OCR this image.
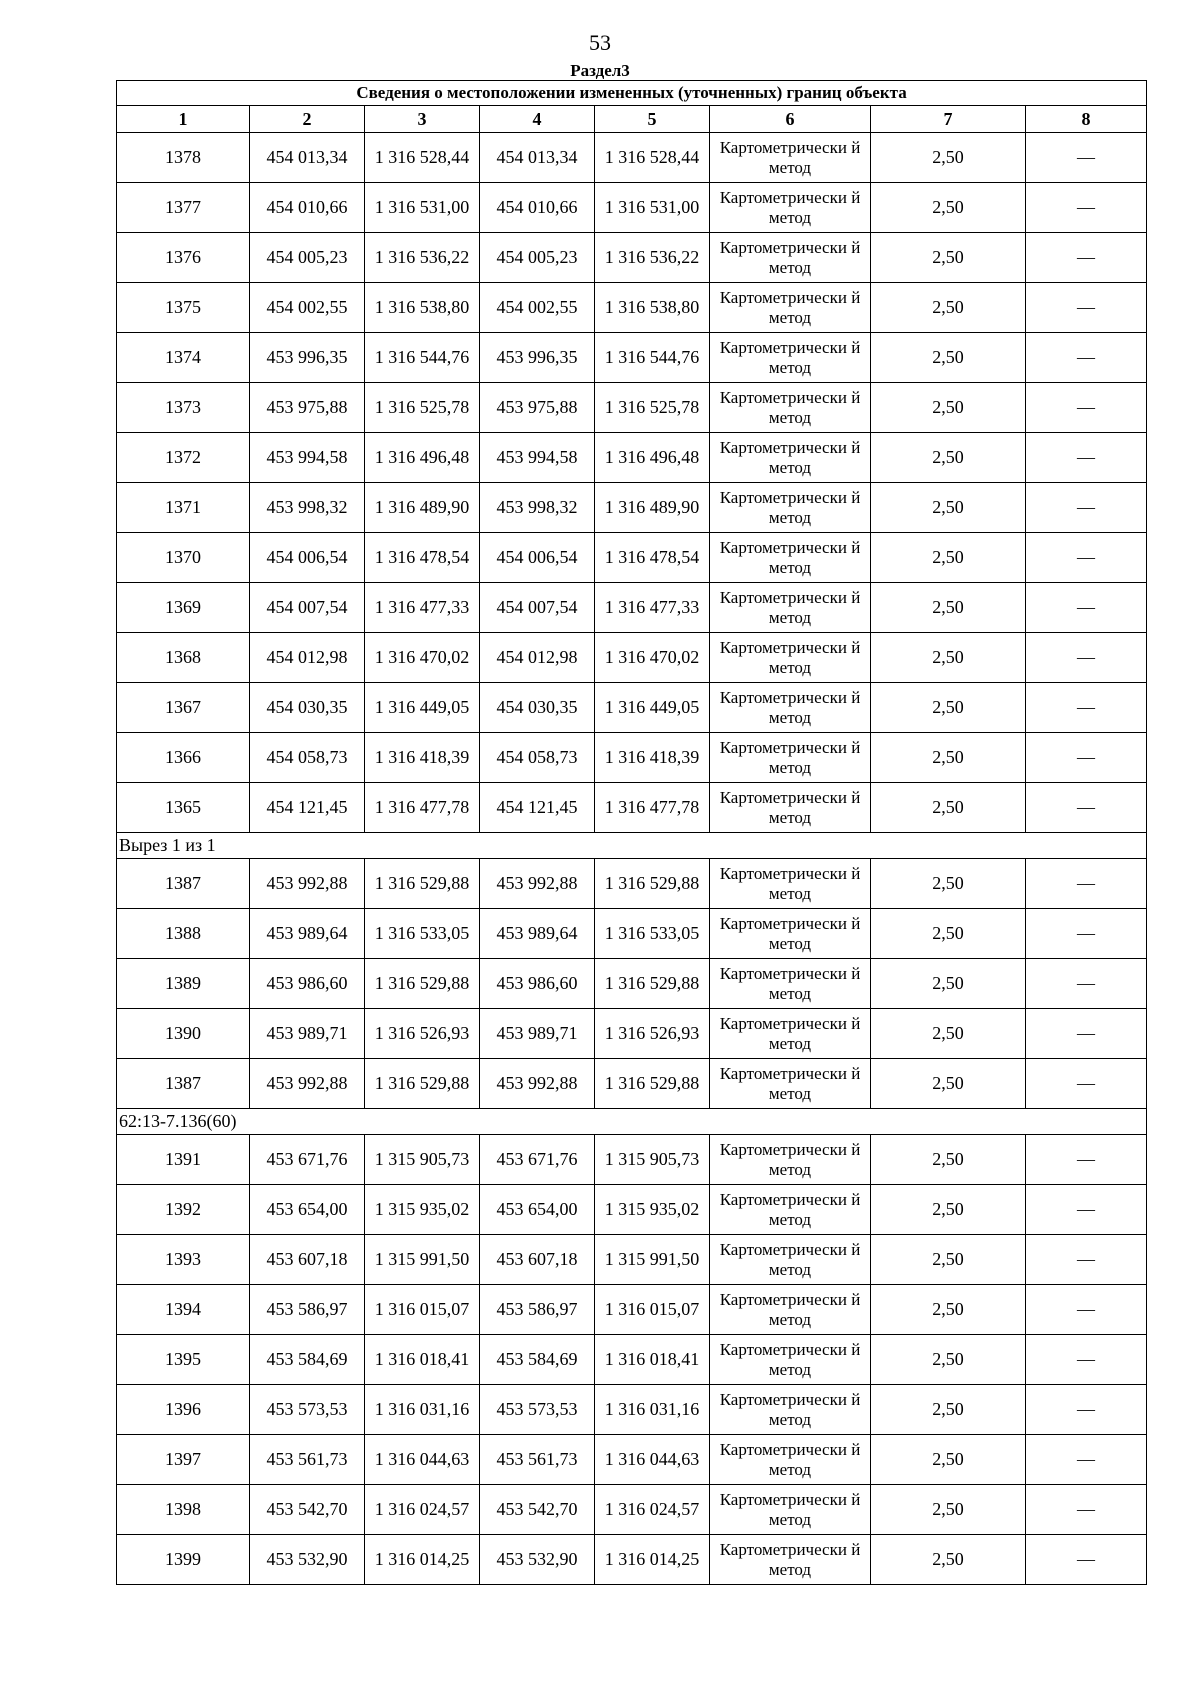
53
Раздел3
Сведения о местоположении измененных (уточненных) границ объекта							
1	2	3	4	5	6	7	8
1378	454 013,34	1 316 528,44	454 013,34	1 316 528,44	Картометрически й метод	2,50	—
1377	454 010,66	1 316 531,00	454 010,66	1 316 531,00	Картометрически й метод	2,50	—
1376	454 005,23	1 316 536,22	454 005,23	1 316 536,22	Картометрически й метод	2,50	—
1375	454 002,55	1 316 538,80	454 002,55	1 316 538,80	Картометрически й метод	2,50	—
1374	453 996,35	1 316 544,76	453 996,35	1 316 544,76	Картометрически й метод	2,50	—
1373	453 975,88	1 316 525,78	453 975,88	1 316 525,78	Картометрически й метод	2,50	—
1372	453 994,58	1 316 496,48	453 994,58	1 316 496,48	Картометрически й метод	2,50	—
1371	453 998,32	1 316 489,90	453 998,32	1 316 489,90	Картометрически й метод	2,50	—
1370	454 006,54	1 316 478,54	454 006,54	1 316 478,54	Картометрически й метод	2,50	—
1369	454 007,54	1 316 477,33	454 007,54	1 316 477,33	Картометрически й метод	2,50	—
1368	454 012,98	1 316 470,02	454 012,98	1 316 470,02	Картометрически й метод	2,50	—
1367	454 030,35	1 316 449,05	454 030,35	1 316 449,05	Картометрически й метод	2,50	—
1366	454 058,73	1 316 418,39	454 058,73	1 316 418,39	Картометрически й метод	2,50	—
1365	454 121,45	1 316 477,78	454 121,45	1 316 477,78	Картометрически й метод	2,50	—
Вырез 1 из 1							
1387	453 992,88	1 316 529,88	453 992,88	1 316 529,88	Картометрически й метод	2,50	—
1388	453 989,64	1 316 533,05	453 989,64	1 316 533,05	Картометрически й метод	2,50	—
1389	453 986,60	1 316 529,88	453 986,60	1 316 529,88	Картометрически й метод	2,50	—
1390	453 989,71	1 316 526,93	453 989,71	1 316 526,93	Картометрически й метод	2,50	—
1387	453 992,88	1 316 529,88	453 992,88	1 316 529,88	Картометрически й метод	2,50	—
62:13-7.136(60)							
1391	453 671,76	1 315 905,73	453 671,76	1 315 905,73	Картометрически й метод	2,50	—
1392	453 654,00	1 315 935,02	453 654,00	1 315 935,02	Картометрически й метод	2,50	—
1393	453 607,18	1 315 991,50	453 607,18	1 315 991,50	Картометрически й метод	2,50	—
1394	453 586,97	1 316 015,07	453 586,97	1 316 015,07	Картометрически й метод	2,50	—
1395	453 584,69	1 316 018,41	453 584,69	1 316 018,41	Картометрически й метод	2,50	—
1396	453 573,53	1 316 031,16	453 573,53	1 316 031,16	Картометрически й метод	2,50	—
1397	453 561,73	1 316 044,63	453 561,73	1 316 044,63	Картометрически й метод	2,50	—
1398	453 542,70	1 316 024,57	453 542,70	1 316 024,57	Картометрически й метод	2,50	—
1399	453 532,90	1 316 014,25	453 532,90	1 316 014,25	Картометрически й метод	2,50	—
